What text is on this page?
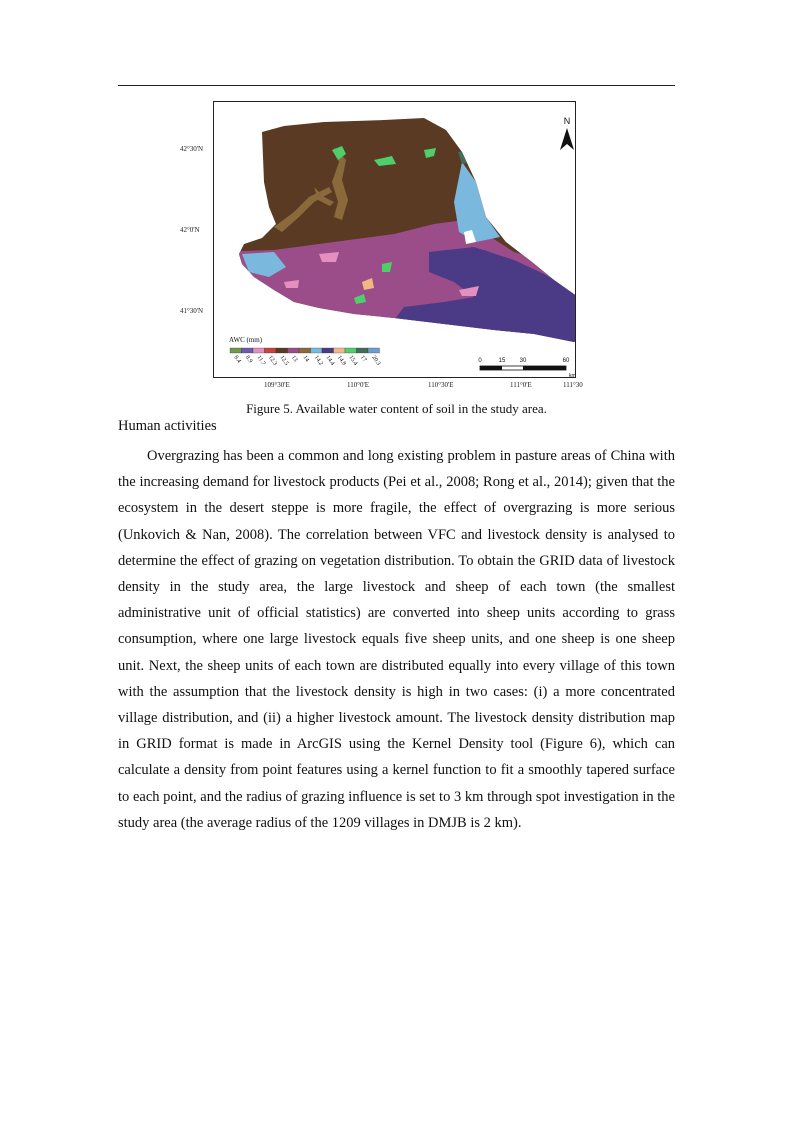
42°30'N
42°0'N
41°30'N
N
0	15 30	60
km
8.4 8.9 11.7 12.3 12.5 13 14 14.2 14.4 14.8 15.4 17 20.3
AWC (mm)
109°30'E	110°0'E	110°30'E	111°0'E	111°30
Figure 5. Available water content of soil in the study area.
Human activities

Overgrazing has been a common and long existing problem in pasture areas of China with the increasing demand for livestock products (Pei et al., 2008; Rong et al., 2014); given that the ecosystem in the desert steppe is more fragile, the effect of overgrazing is more serious (Unkovich & Nan, 2008). The correlation between VFC and livestock density is analysed to determine the effect of grazing on vegetation distribution. To obtain the GRID data of livestock density in the study area, the large livestock and sheep of each town (the smallest administrative unit of official statistics) are converted into sheep units according to grass consumption, where one large livestock equals five sheep units, and one sheep is one sheep unit. Next, the sheep units of each town are distributed equally into every village of this town with the assumption that the livestock density is high in two cases: (i) a more concentrated village distribution, and (ii) a higher livestock amount. The livestock density distribution map in GRID format is made in ArcGIS using the Kernel Density tool (Figure 6), which can calculate a density from point features using a kernel function to fit a smoothly tapered surface to each point, and the radius of grazing influence is set to 3 km through spot investigation in the study area (the average radius of the 1209 villages in DMJB is 2 km).
